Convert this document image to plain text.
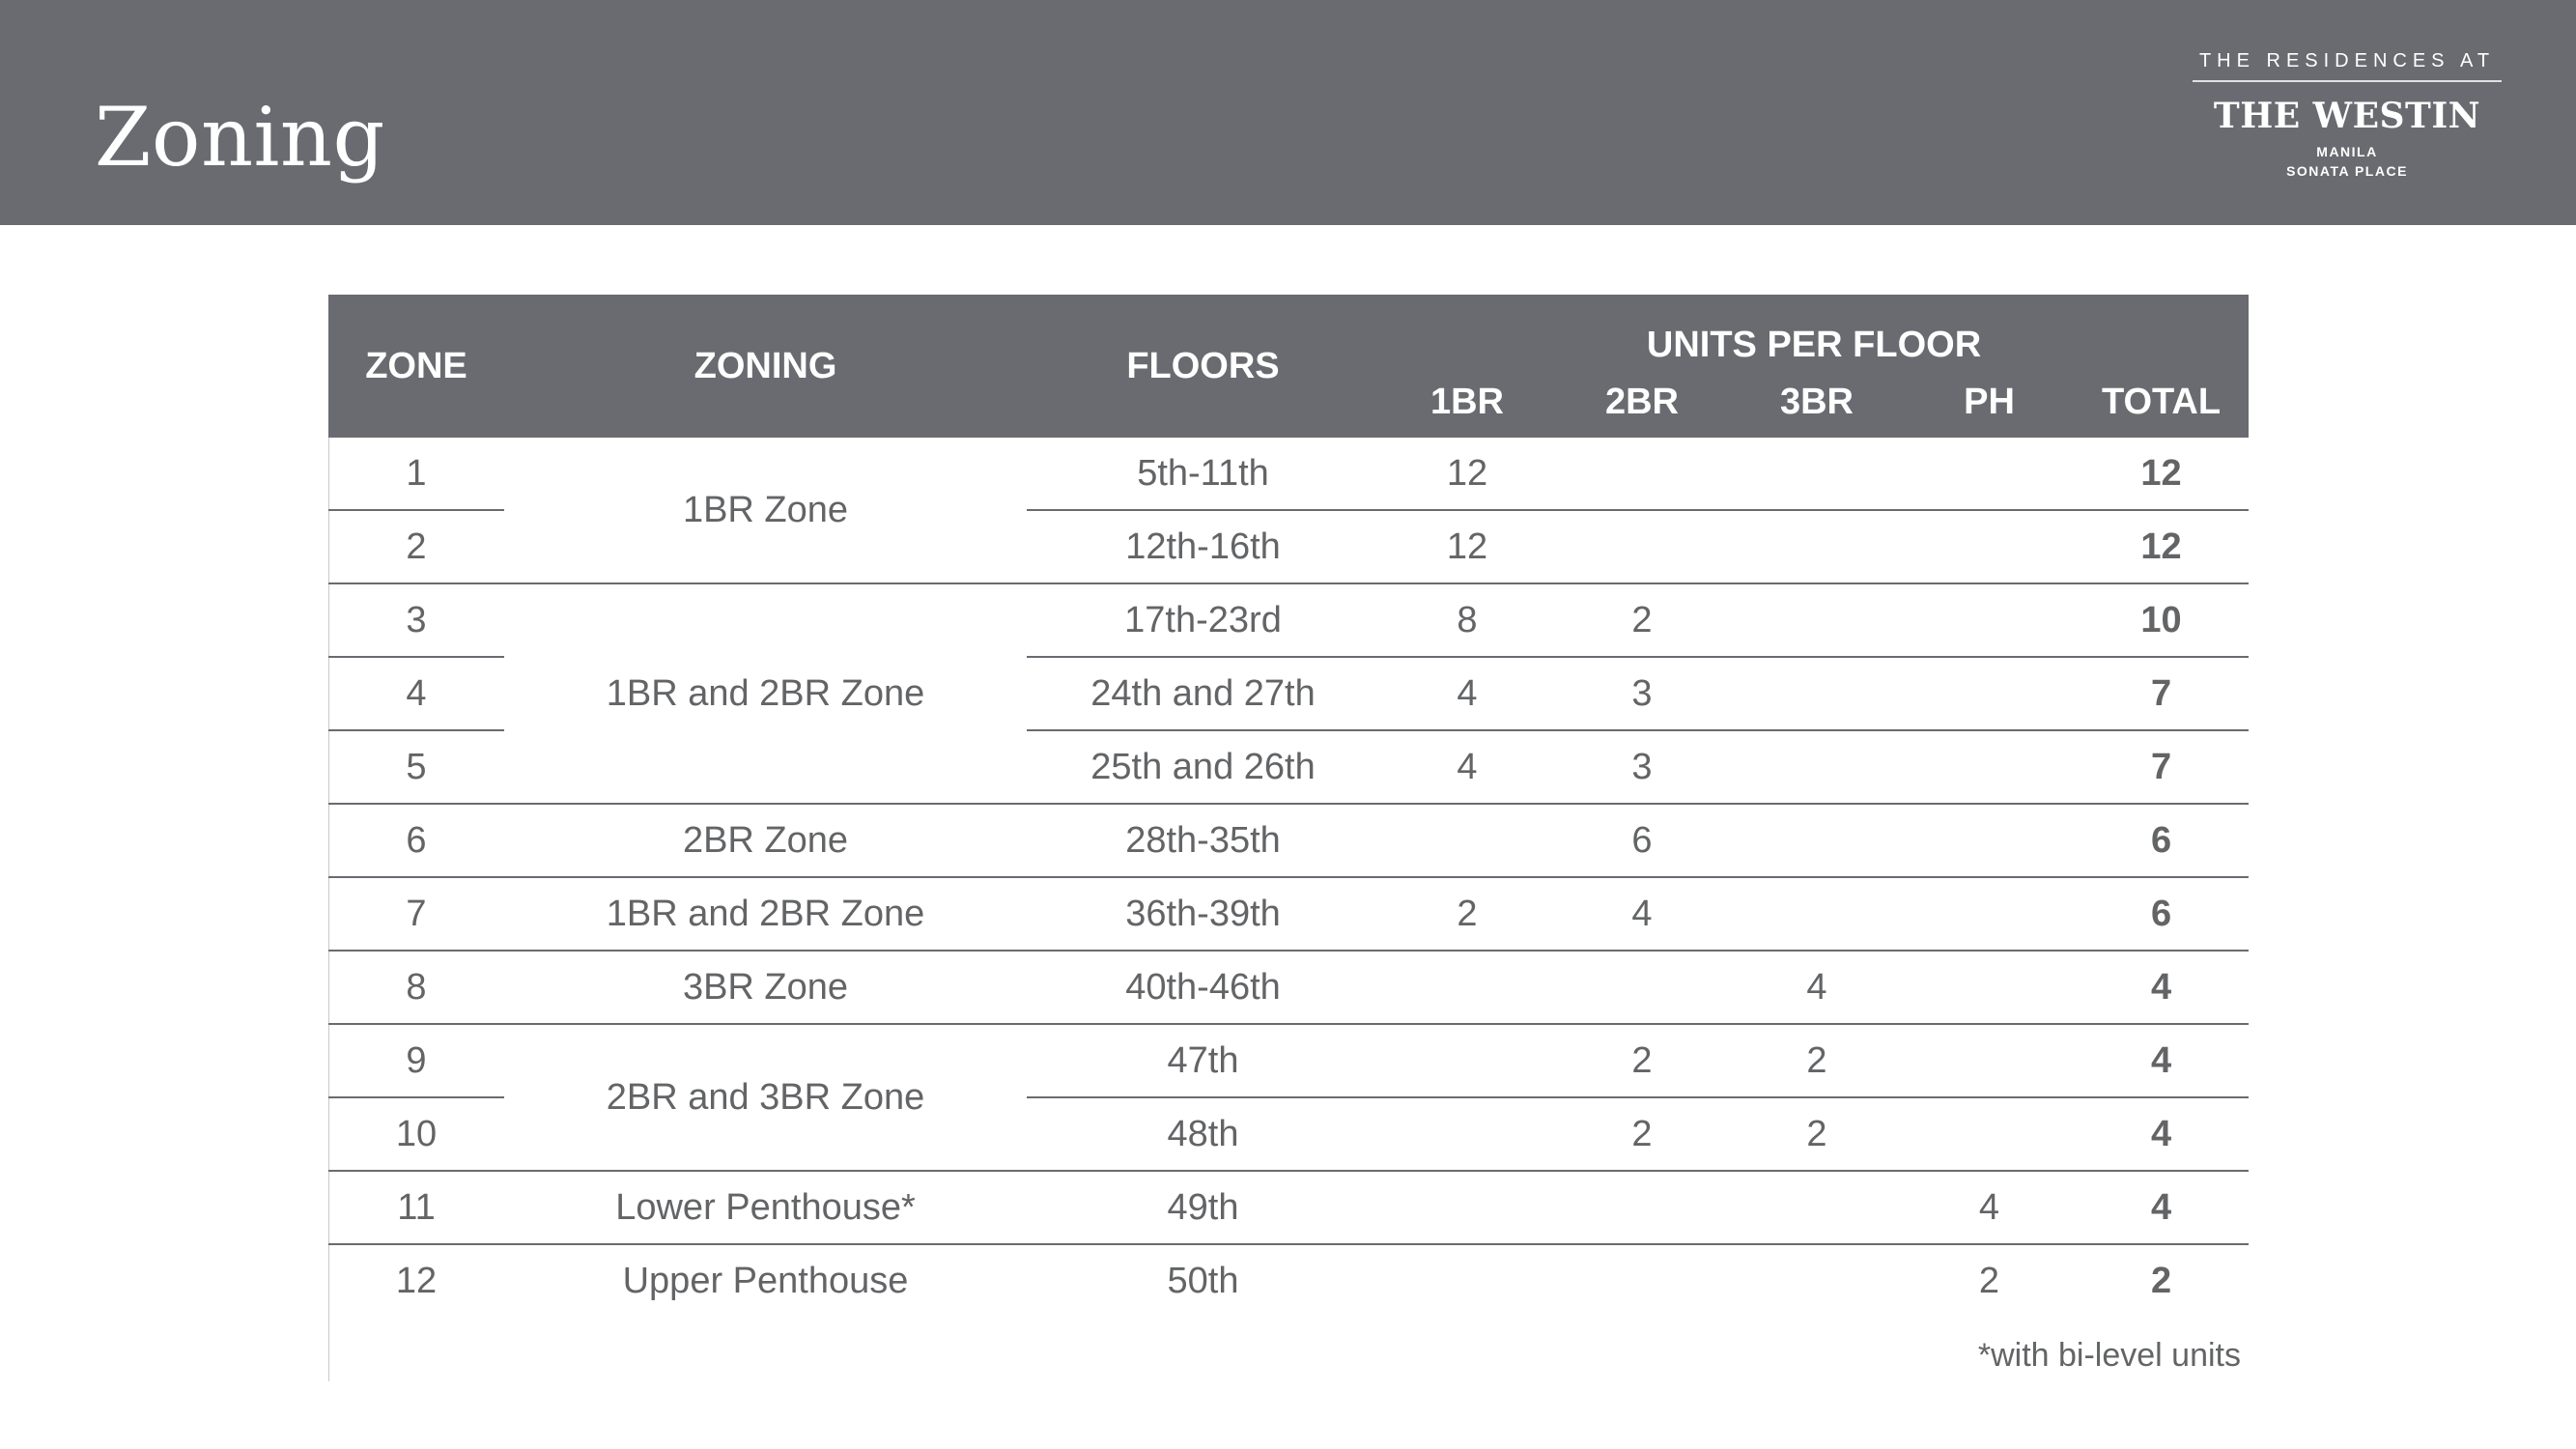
Zoning
THE RESIDENCES AT
THE WESTIN
MANILA
SONATA PLACE
ZONE	ZONING	FLOORS	UNITS PER FLOOR				
			1BR	2BR	3BR	PH	TOTAL
1	1BR Zone	5th-11th	12				12
2		12th-16th	12				12
3	1BR and 2BR Zone	17th-23rd	8	2			10
4		24th and 27th	4	3			7
5		25th and 26th	4	3			7
6	2BR Zone	28th-35th		6			6
7	1BR and 2BR Zone	36th-39th	2	4			6
8	3BR Zone	40th-46th			4		4
9	2BR and 3BR Zone	47th		2	2		4
10		48th		2	2		4
11	Lower Penthouse*	49th				4	4
12	Upper Penthouse	50th				2	2
*with bi-level units
